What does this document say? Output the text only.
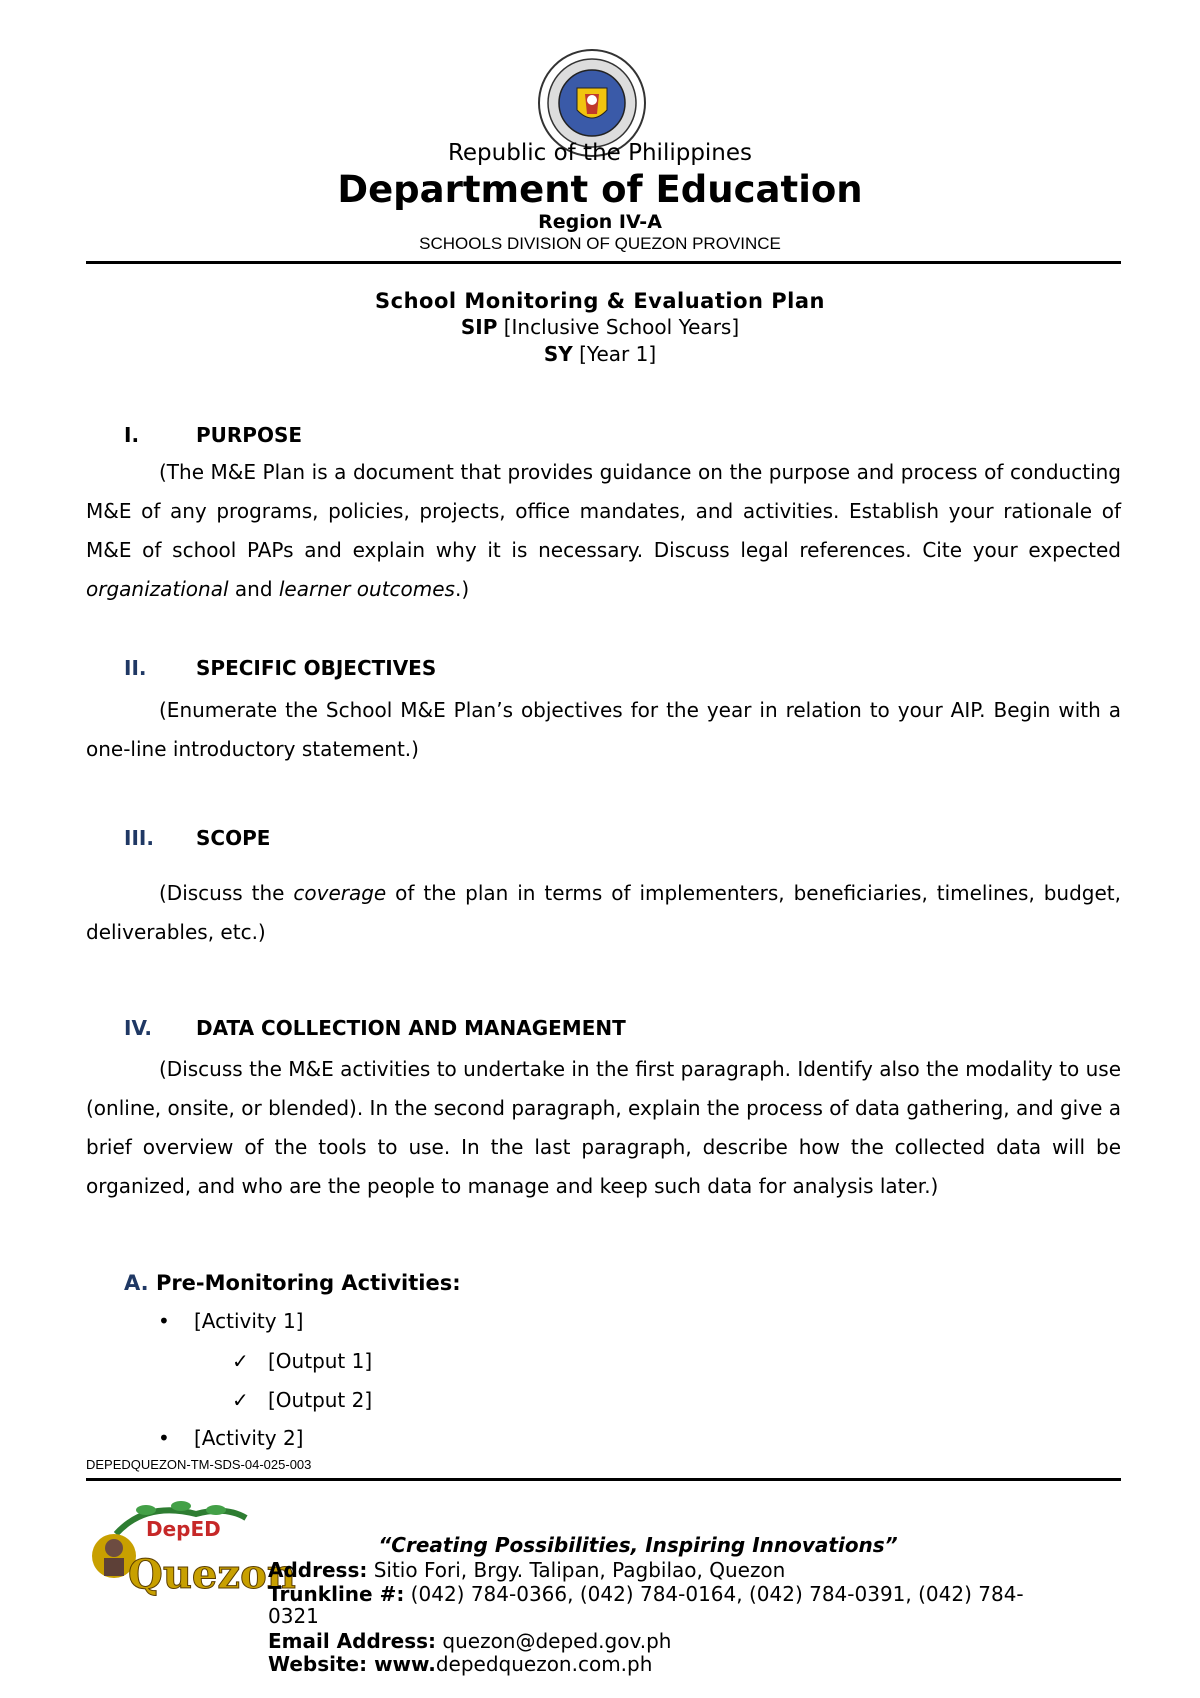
Republic of the Philippines
Department of Education
Region IV-A
SCHOOLS DIVISION OF QUEZON PROVINCE
School Monitoring & Evaluation Plan
SIP [Inclusive School Years]
SY [Year 1]
I.	PURPOSE

(The M&E Plan is a document that provides guidance on the purpose and process of conducting M&E of any programs, policies, projects, office mandates, and activities. Establish your rationale of M&E of school PAPs and explain why it is necessary. Discuss legal references. Cite your expected organizational and learner outcomes.)

II.	SPECIFIC OBJECTIVES

(Enumerate the School M&E Plan’s objectives for the year in relation to your AIP. Begin with a one-line introductory statement.)

III.	SCOPE

(Discuss the coverage of the plan in terms of implementers, beneficiaries, timelines, budget, deliverables, etc.)

IV.	DATA COLLECTION AND MANAGEMENT

(Discuss the M&E activities to undertake in the first paragraph. Identify also the modality to use (online, onsite, or blended). In the second paragraph, explain the process of data gathering, and give a brief overview of the tools to use. In the last paragraph, describe how the collected data will be organized, and who are the people to manage and keep such data for analysis later.)

A. Pre-Monitoring Activities:
• [Activity 1]
✓ [Output 1]
✓ [Output 2]
• [Activity 2]
DEPEDQUEZON-TM-SDS-04-025-003
DepED
Quezon
“Creating Possibilities, Inspiring Innovations”
Address: Sitio Fori, Brgy. Talipan, Pagbilao, Quezon
Trunkline #: (042) 784-0366, (042) 784-0164, (042) 784-0391, (042) 784-
0321
Email Address: quezon@deped.gov.ph
Website: www.depedquezon.com.ph
